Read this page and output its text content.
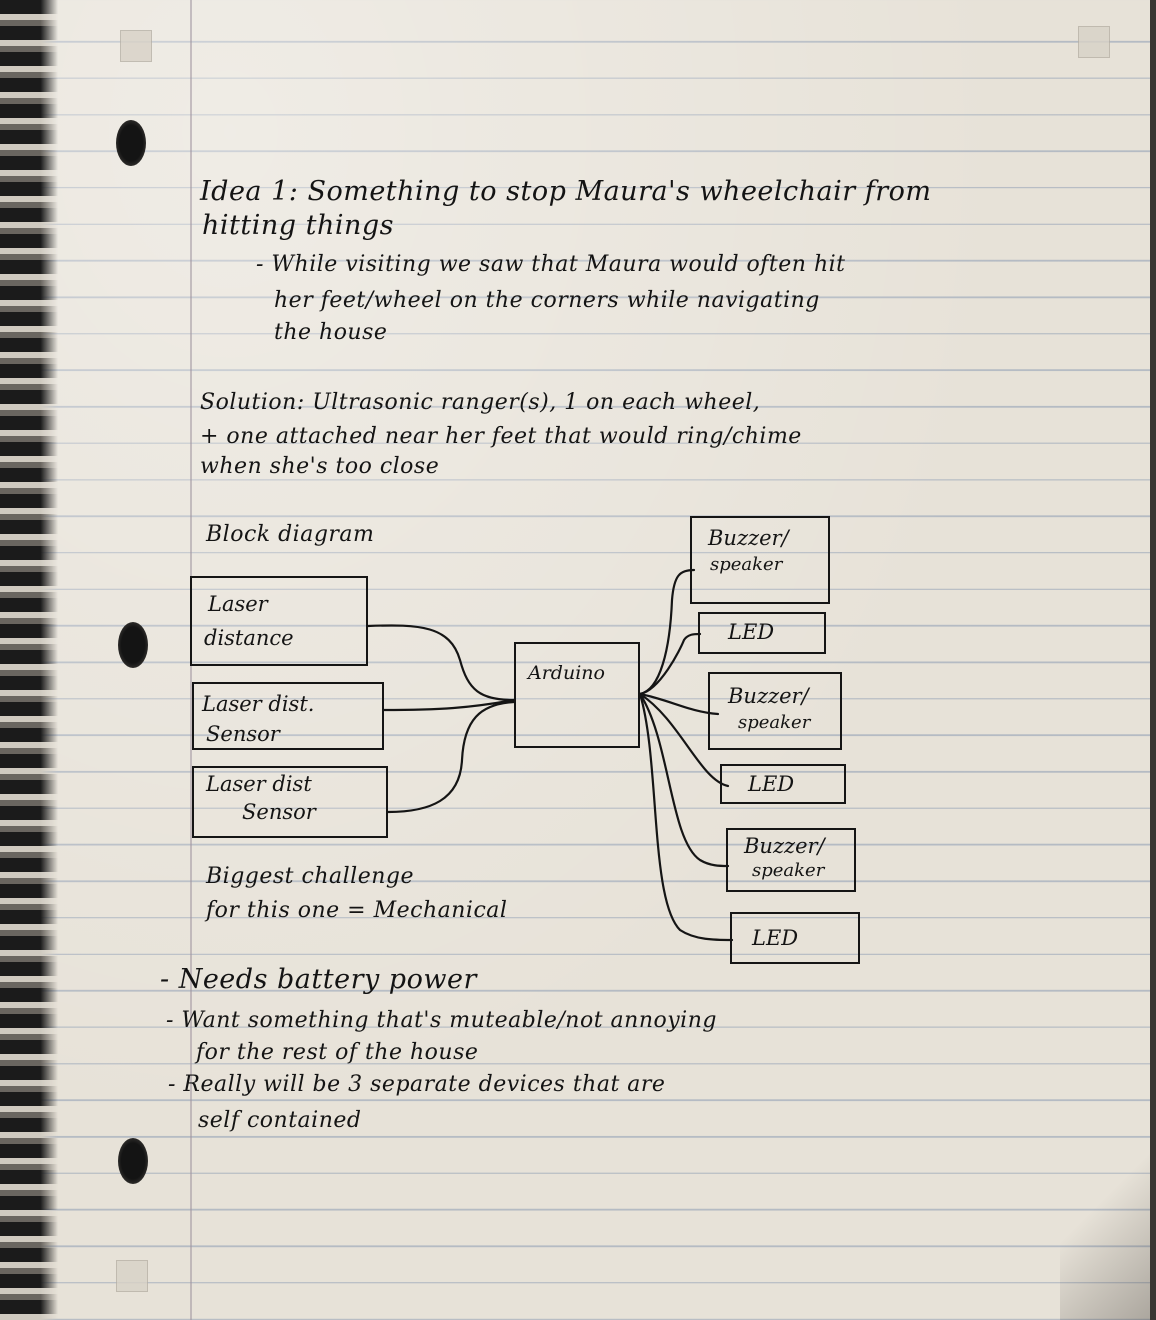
Idea 1: Something to stop Maura's wheelchair from
hitting things
- While visiting we saw that Maura would often hit
her feet/wheel on the corners while navigating
the house
Solution: Ultrasonic ranger(s), 1 on each wheel,
+ one attached near her feet that would ring/chime
when she's too close
Block diagram
Laser
distance
Laser dist.
Sensor
Laser dist
Sensor
Arduino
Buzzer/
speaker
LED
Buzzer/
speaker
LED
Buzzer/
speaker
LED
Biggest challenge
for this one = Mechanical
- Needs battery power
- Want something that's muteable/not annoying
for the rest of the house
- Really will be 3 separate devices that are
self contained
